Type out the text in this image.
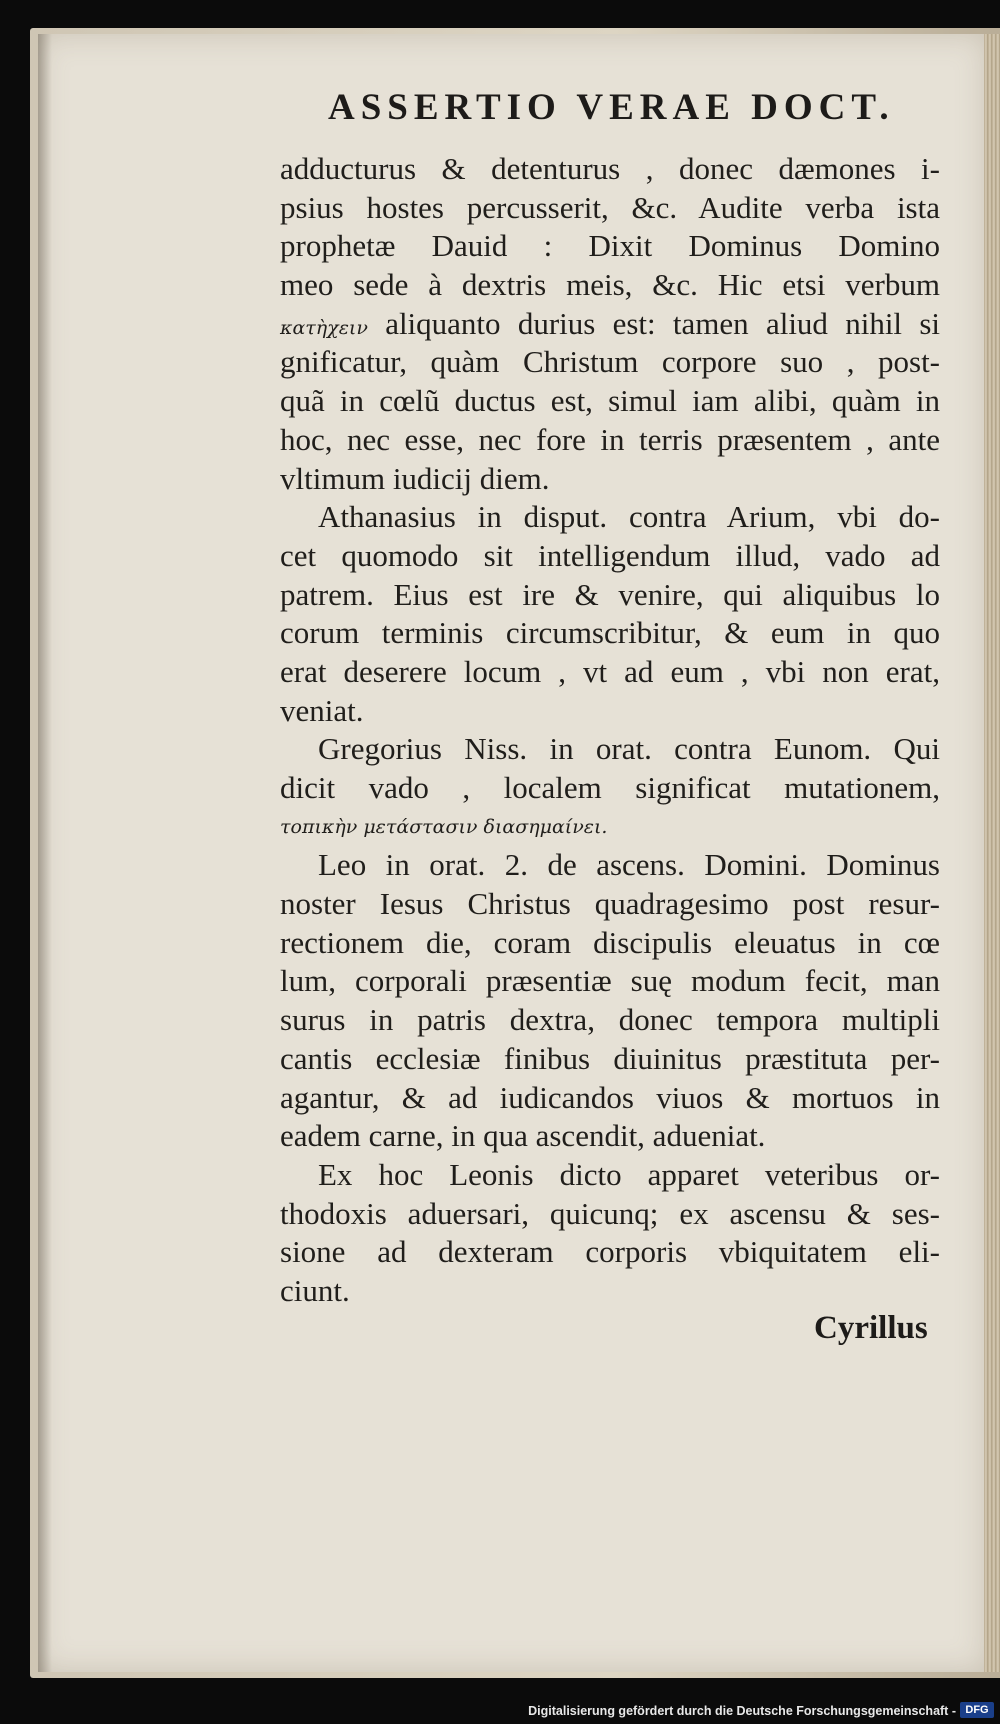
ASSERTIO VERAE DOCT.
adducturus & detenturus , donec dæmones i-
psius hostes percusserit, &c. Audite verba ista
prophetæ Dauid : Dixit Dominus Domino
meo sede à dextris meis, &c. Hic etsi verbum
κατὴχειν aliquanto durius est: tamen aliud nihil si
gnificatur, quàm Christum corpore suo , post-
quã in cœlũ ductus est, simul iam alibi, quàm in
hoc, nec esse, nec fore in terris præsentem , ante
vltimum iudicij diem.
Athanasius in disput. contra Arium, vbi do-
cet quomodo sit intelligendum illud, vado ad
patrem. Eius est ire & venire, qui aliquibus lo
corum terminis circumscribitur, & eum in quo
erat deserere locum , vt ad eum , vbi non erat,
veniat.
Gregorius Niss. in orat. contra Eunom. Qui
dicit vado , localem significat mutationem,
τοπικὴν μετάστασιν διασημαίνει.
Leo in orat. 2. de ascens. Domini. Dominus
noster Iesus Christus quadragesimo post resur-
rectionem die, coram discipulis eleuatus in cœ
lum, corporali præsentiæ suę modum fecit, man
surus in patris dextra, donec tempora multipli
cantis ecclesiæ finibus diuinitus præstituta per-
agantur, & ad iudicandos viuos & mortuos in
eadem carne, in qua ascendit, adueniat.
Ex hoc Leonis dicto apparet veteribus or-
thodoxis aduersari, quicunq; ex ascensu & ses-
sione ad dexteram corporis vbiquitatem eli-
ciunt.
Cyrillus
Digitalisierung gefördert durch die Deutsche Forschungsgemeinschaft - DFG
